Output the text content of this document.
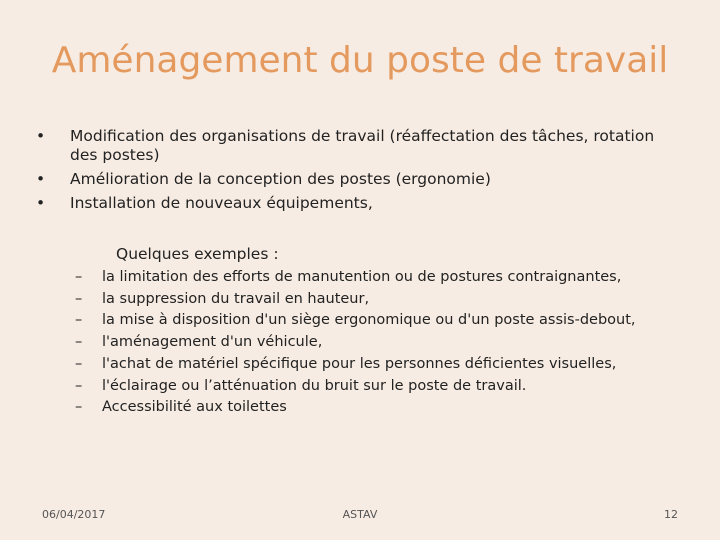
Aménagement du poste de travail
• Modification des organisations de travail (réaffectation des tâches, rotation des postes)
• Amélioration de la conception des postes (ergonomie)
• Installation de nouveaux équipements,
Quelques exemples :
– la limitation des efforts de manutention ou de postures contraignantes,
– la suppression du travail en hauteur,
– la mise à disposition d'un siège ergonomique ou d'un poste assis-debout,
– l'aménagement d'un véhicule,
– l'achat de matériel spécifique pour les personnes déficientes visuelles,
– l'éclairage ou l’atténuation du bruit sur le poste de travail.
– Accessibilité aux toilettes
06/04/2017	ASTAV	12
